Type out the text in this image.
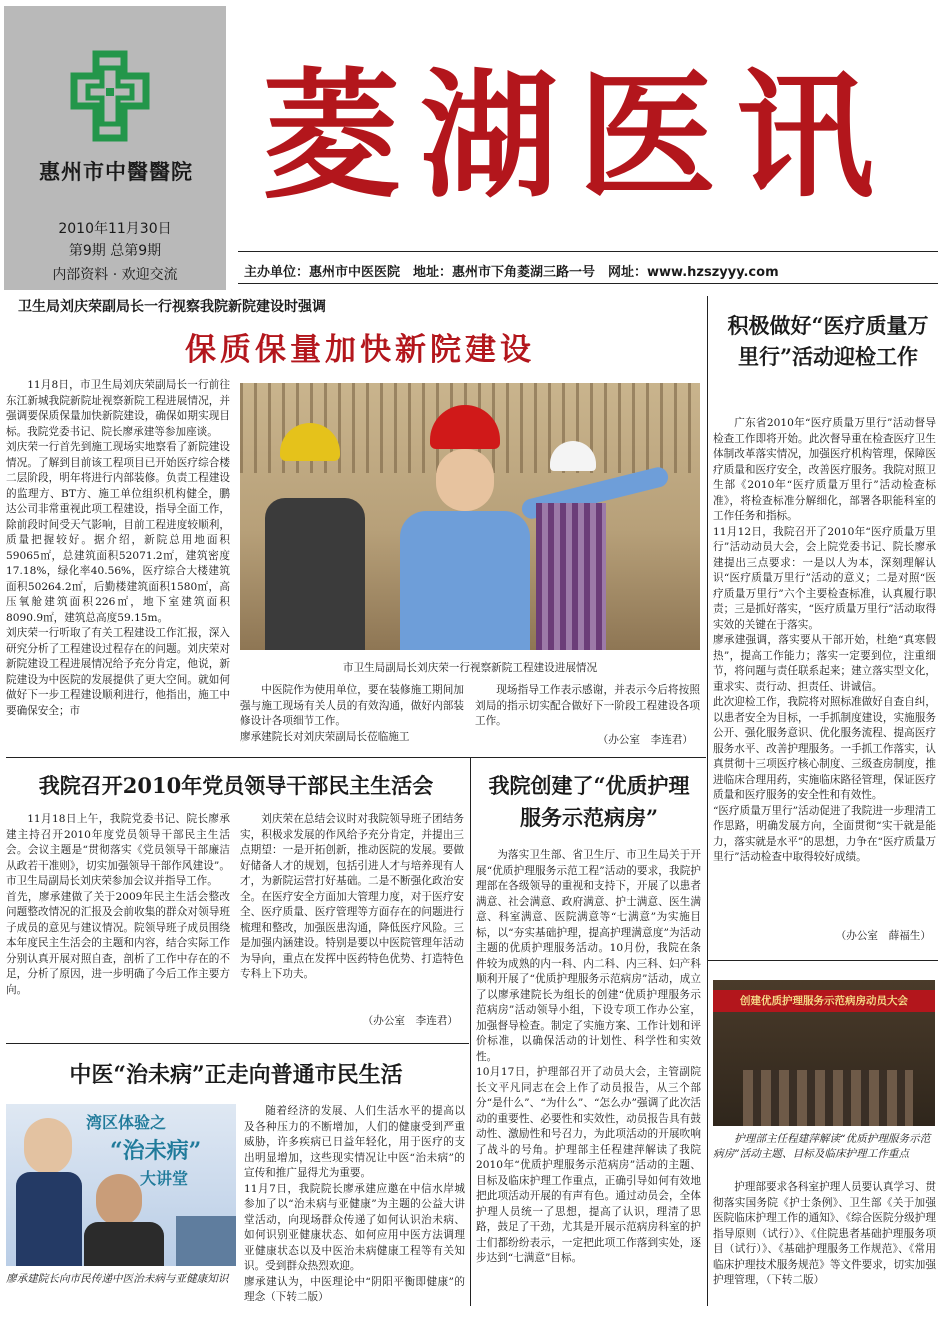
惠州市中醫醫院
2010年11月30日
第9期 总第9期
内部资料 · 欢迎交流
菱湖医讯
主办单位：惠州市中医医院　地址：惠州市下角菱湖三路一号　网址：www.hzszyyy.com
卫生局刘庆荣副局长一行视察我院新院建设时强调
保质保量加快新院建设
11月8日，市卫生局刘庆荣副局长一行前往东江新城我院新院址视察新院工程进展情况，并强调要保质保量加快新院建设，确保如期实现目标。我院党委书记、院长廖承建等参加座谈。
刘庆荣一行首先到施工现场实地察看了新院建设情况。了解到目前该工程项目已开始医疗综合楼二层阶段，明年将进行内部装修。负责工程建设的监理方、BT方、施工单位组织机构健全，鹏达公司非常重视此项工程建设，指导全面工作，除前段时间受天气影响，目前工程进度较顺利，质量把握较好。据介绍，新院总用地面积59065㎡，总建筑面积52071.2㎡，建筑密度17.18%，绿化率40.56%，医疗综合大楼建筑面积50264.2㎡，后勤楼建筑面积1580㎡，高压氧舱建筑面积226㎡，地下室建筑面积8090.9㎡，建筑总高度59.15m。
刘庆荣一行听取了有关工程建设工作汇报，深入研究分析了工程建设过程存在的问题。刘庆荣对新院建设工程进展情况给予充分肯定，他说，新院建设为中医院的发展提供了更大空间。就如何做好下一步工程建设顺利进行，他指出，施工中要确保安全；市
市卫生局副局长刘庆荣一行视察新院工程建设进展情况
中医院作为使用单位，要在装修施工期间加强与施工现场有关人员的有效沟通，做好内部装修设计各项细节工作。
廖承建院长对刘庆荣副局长莅临施工
现场指导工作表示感谢，并表示今后将按照刘局的指示切实配合做好下一阶段工程建设各项工作。
（办公室　李连君）
积极做好“医疗质量万里行”活动迎检工作
广东省2010年“医疗质量万里行”活动督导检查工作即将开始。此次督导重在检查医疗卫生体制改革落实情况，加强医疗机构管理，保障医疗质量和医疗安全，改善医疗服务。我院对照卫生部《2010年“医疗质量万里行”活动检查标准》，将检查标准分解细化，部署各职能科室的工作任务和指标。
11月12日，我院召开了2010年“医疗质量万里行”活动动员大会，会上院党委书记、院长廖承建提出三点要求：一是以人为本，深刻理解认识“医疗质量万里行”活动的意义；二是对照“医疗质量万里行”六个主要检查标准，认真履行职责；三是抓好落实，“医疗质量万里行”活动取得实效的关键在于落实。
廖承建强调，落实要从干部开始，杜绝“真寒假热”，提高工作能力；落实一定要到位，注重细节，将问题与责任联系起来；建立落实型文化，重求实、责行动、担责任、讲诚信。
此次迎检工作，我院将对照标准做好自查自纠，以患者安全为目标，一手抓制度建设，实施服务公开、强化服务意识、优化服务流程、提高医疗服务水平、改善护理服务。一手抓工作落实，认真贯彻十三项医疗核心制度、三级查房制度，推进临床合理用药，实施临床路径管理，保证医疗质量和医疗服务的安全性和有效性。
“医疗质量万里行”活动促进了我院进一步理清工作思路，明确发展方向，全面贯彻“实干就是能力，落实就是水平”的思想，力争在“医疗质量万里行”活动检查中取得较好成绩。
（办公室　薛福生）
我院召开2010年党员领导干部民主生活会
11月18日上午，我院党委书记、院长廖承建主持召开2010年度党员领导干部民主生活会。会议主题是“贯彻落实《党员领导干部廉洁从政若干准则》，切实加强领导干部作风建设”。市卫生局副局长刘庆荣参加会议并指导工作。
首先，廖承建做了关于2009年民主生活会整改问题整改情况的汇报及会前收集的群众对领导班子成员的意见与建议情况。院领导班子成员围绕本年度民主生活会的主题和内容，结合实际工作分别认真开展对照自查，剖析了工作中存在的不足，分析了原因，进一步明确了今后工作主要方向。
刘庆荣在总结会议时对我院领导班子团结务实，积极求发展的作风给予充分肯定，并提出三点期望：一是开拓创新，推动医院的发展。要做好储备人才的规划，包括引进人才与培养现有人才，为新院运营打好基础。二是不断强化政治安全。在医疗安全方面加大管理力度，对于医疗安全、医疗质量、医疗管理等方面存在的问题进行梳理和整改，加强医患沟通，降低医疗风险。三是加强内涵建设。特别是要以中医院管理年活动为导向，重点在发挥中医药特色优势、打造特色专科上下功夫。
（办公室　李连君）
我院创建了“优质护理服务示范病房”
为落实卫生部、省卫生厅、市卫生局关于开展“优质护理服务示范工程”活动的要求，我院护理部在各级领导的重视和支持下，开展了以患者满意、社会满意、政府满意、护士满意、医生满意、科室满意、医院满意等“七满意”为实施目标，以“夯实基础护理，提高护理满意度”为活动主题的优质护理服务活动。10月份，我院在条件较为成熟的内一科、内二科、内三科、妇产科顺利开展了“优质护理服务示范病房”活动，成立了以廖承建院长为组长的创建“优质护理服务示范病房”活动领导小组，下设专项工作办公室，加强督导检查。制定了实施方案、工作计划和评价标准，以确保活动的计划性、科学性和实效性。
10月17日，护理部召开了动员大会，主管副院长文平凡同志在会上作了动员报告，从三个部分“是什么”、“为什么”、“怎么办”强调了此次活动的重要性、必要性和实效性，动员报告具有鼓动性、激励性和号召力，为此项活动的开展吹响了战斗的号角。护理部主任程建萍解读了我院2010年“优质护理服务示范病房”活动的主题、目标及临床护理工作重点，正确引导如何有效地把此项活动开展的有声有色。通过动员会，全体护理人员统一了思想，提高了认识，理清了思路，鼓足了干劲，尤其是开展示范病房科室的护士们都纷纷表示，一定把此项工作落到实处，逐步达到“七满意”目标。
创建优质护理服务示范病房动员大会
护理部主任程建萍解读“优质护理服务示范病房”活动主题、目标及临床护理工作重点
护理部要求各科室护理人员要认真学习、贯彻落实国务院《护士条例》、卫生部《关于加强医院临床护理工作的通知》、《综合医院分级护理指导原则（试行）》、《住院患者基础护理服务项目（试行）》、《基础护理服务工作规范》、《常用临床护理技术服务规范》等文件要求，切实加强护理管理，（下转二版）
中医“治未病”正走向普通市民生活
湾区体验之
“治未病”
大讲堂
廖承建院长向市民传递中医治未病与亚健康知识
随着经济的发展、人们生活水平的提高以及各种压力的不断增加，人们的健康受到严重威胁，许多疾病已日益年轻化，用于医疗的支出明显增加，这些现实情况让中医“治未病”的宣传和推广显得尤为重要。
11月7日，我院院长廖承建应邀在中信水岸城参加了以“治未病与亚健康”为主题的公益大讲堂活动，向现场群众传递了如何认识治未病、如何识别亚健康状态、如何应用中医方法调理亚健康状态以及中医治未病健康工程等有关知识。受到群众热烈欢迎。
廖承建认为，中医理论中“阴阳平衡即健康”的理念（下转二版）
